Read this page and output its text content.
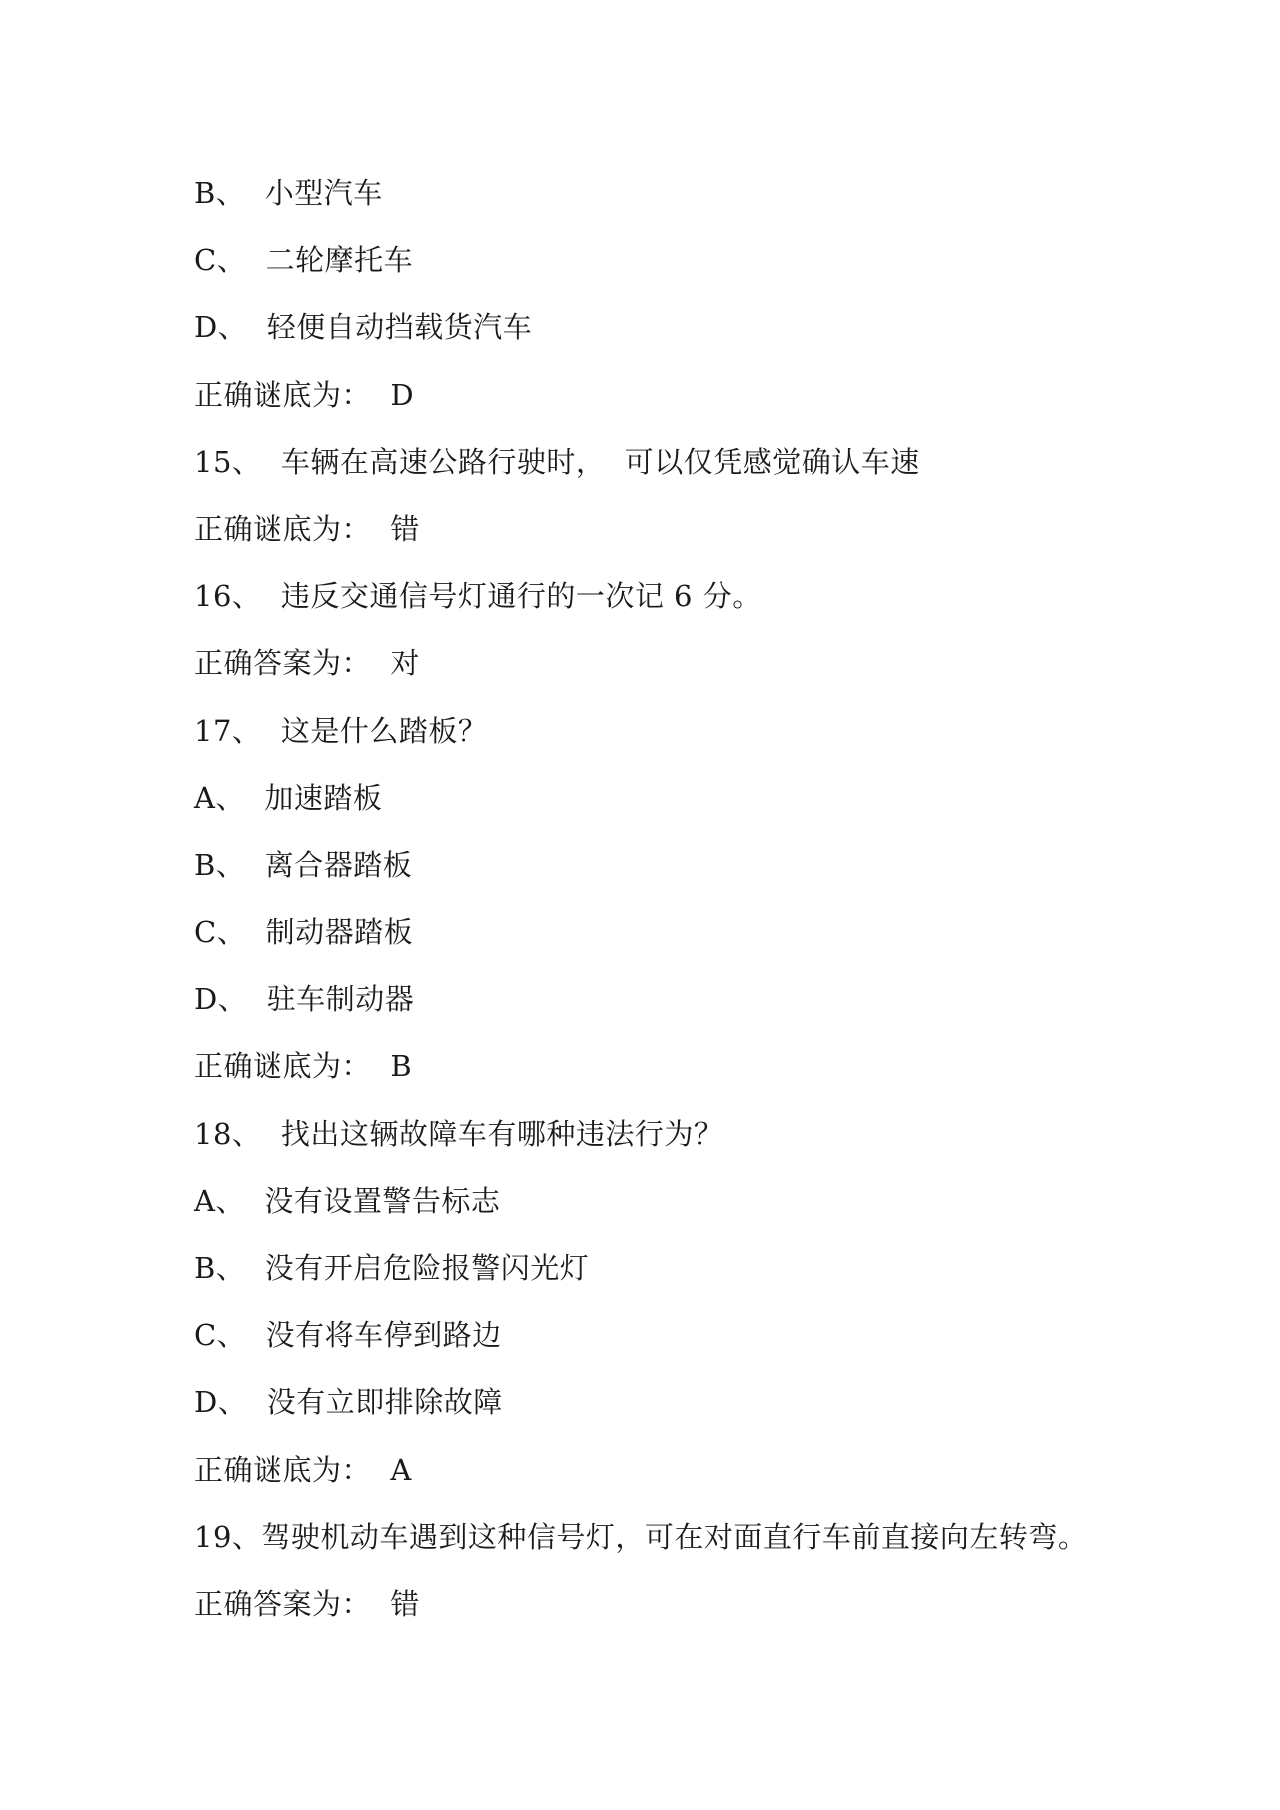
B、  小型汽车
C、  二轮摩托车
D、  轻便自动挡载货汽车
正确谜底为：  D
15、  车辆在高速公路行驶时，  可以仅凭感觉确认车速
正确谜底为：  错
16、  违反交通信号灯通行的一次记 6 分。
正确答案为：  对
17、  这是什么踏板？
A、  加速踏板
B、  离合器踏板
C、  制动器踏板
D、  驻车制动器
正确谜底为：  B
18、  找出这辆故障车有哪种违法行为？
A、  没有设置警告标志
B、  没有开启危险报警闪光灯
C、  没有将车停到路边
D、  没有立即排除故障
正确谜底为：  A
19、驾驶机动车遇到这种信号灯，可在对面直行车前直接向左转弯。
正确答案为：  错
